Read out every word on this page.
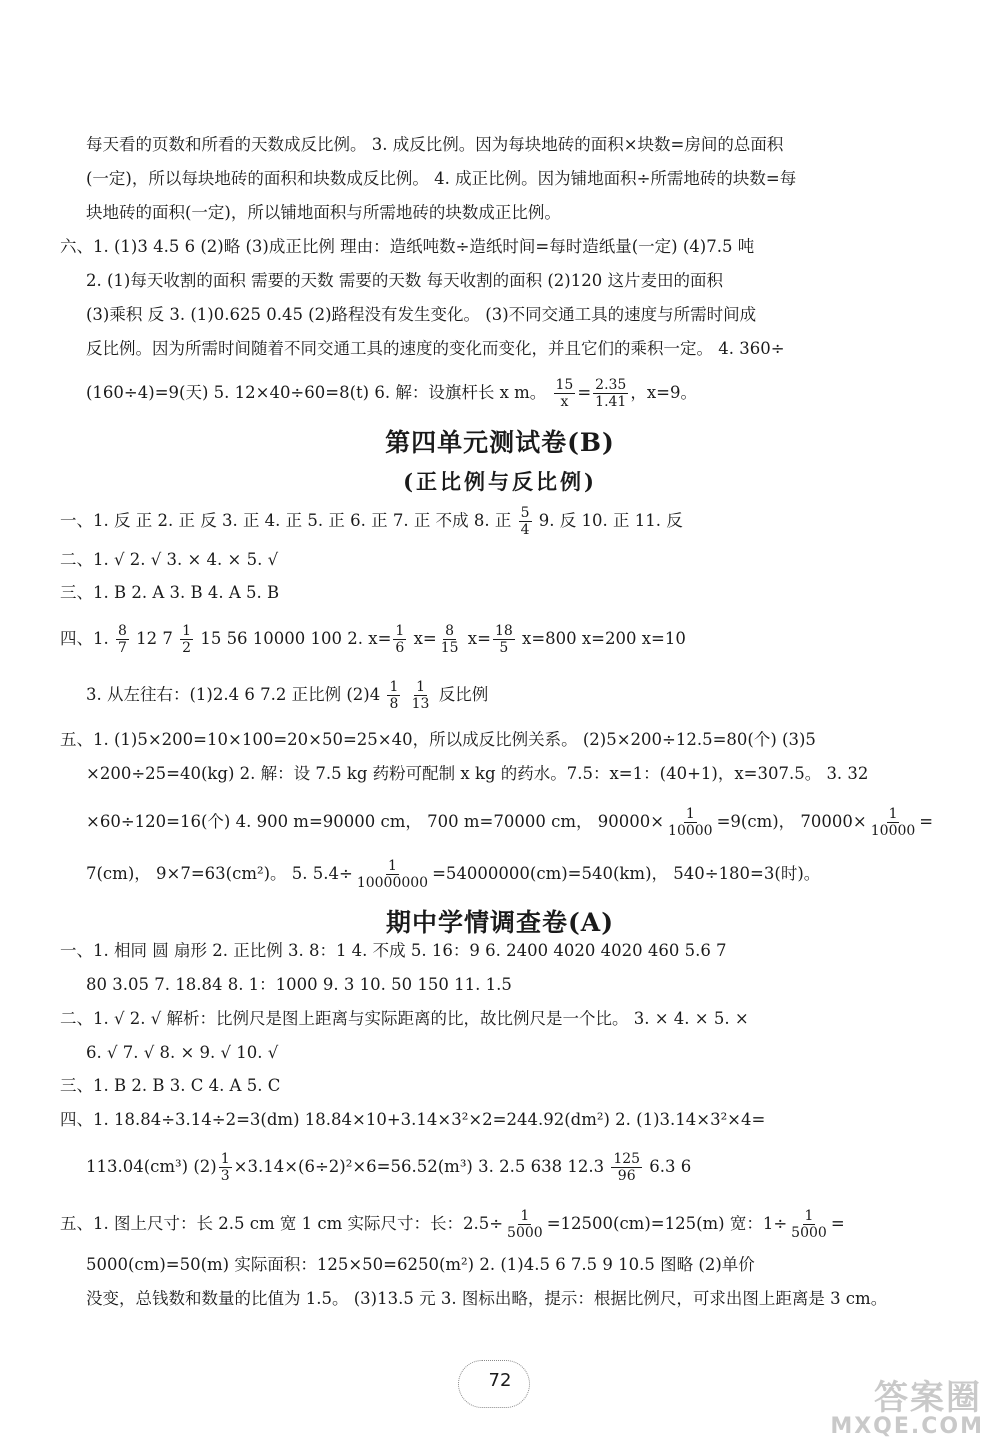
每天看的页数和所看的天数成反比例。 3. 成反比例。因为每块地砖的面积×块数=房间的总面积
(一定)，所以每块地砖的面积和块数成反比例。 4. 成正比例。因为铺地面积÷所需地砖的块数=每
块地砖的面积(一定)，所以铺地面积与所需地砖的块数成正比例。
六、1. (1)3 4.5 6 (2)略 (3)成正比例 理由：造纸吨数÷造纸时间=每时造纸量(一定) (4)7.5 吨
2. (1)每天收割的面积 需要的天数 需要的天数 每天收割的面积 (2)120 这片麦田的面积
(3)乘积 反 3. (1)0.625 0.45 (2)路程没有发生变化。 (3)不同交通工具的速度与所需时间成
反比例。因为所需时间随着不同交通工具的速度的变化而变化，并且它们的乘积一定。 4. 360÷
(160÷4)=9(天) 5. 12×40÷60=8(t) 6. 解：设旗杆长 x m。 $\frac{15}{x} = \frac{2.35}{1.41}$ ，x=9。
第四单元测试卷(B)
(正比例与反比例)
一、1. 反 正 2. 正 反 3. 正 4. 正 5. 正 6. 正 7. 正 不成 8. 正 $\frac{5}{4} 9$. 反 10. 正 11. 反
二、1. √ 2. √ 3. × 4. × 5. √
三、1. B 2. A 3. B 4. A 5. B
四、1. $\frac{8}{7} 12$ $7 \frac{1}{2} 15$ 56 10000 100 2. $x= \frac{1}{6} x= \frac{8}{15} x= \frac{18}{5} x=800$ x=200 x=10
3. 从左往右：(1)2.4 6 7.2 正比例 $(2)4 \frac{1}{8}$
$\frac{1}{13}$ 反比例
五、1. (1)5×200=10×100=20×50=25×40，所以成反比例关系。 (2)5×200÷12.5=80(个) (3)5
×200÷25=40(kg) 2. 解：设 7.5 kg 药粉可配制 x kg 的药水。7.5：x=1：(40+1)，x=307.5。 3. 32
×60÷120=16(个) 4. 900 m=90000 cm， 700 m=70000 cm， $90000\times \frac{1}{10000} =9(cm)$， $70000\times \frac{1}{10000}$ =
7(cm)， 9×7=63(cm²)。 5. $5.4\div \frac{1}{10000000} =54000000(cm)=540(km)$， 540÷180=3(时)。
期中学情调查卷(A)
一、1. 相同 圆 扇形 2. 正比例 3. 8：1 4. 不成 5. 16：9 6. 2400 4020 4020 460 5.6 7
80 3.05 7. 18.84 8. 1：1000 9. 3 10. 50 150 11. 1.5
二、1. √ 2. √ 解析：比例尺是图上距离与实际距离的比，故比例尺是一个比。 3. × 4. × 5. ×
6. √ 7. √ 8. × 9. √ 10. √
三、1. B 2. B 3. C 4. A 5. C
四、1. 18.84÷3.14÷2=3(dm) 18.84×10+3.14×3²×2=244.92(dm²) 2. (1)3.14×3²×4=
113.04(cm³) $(2) \frac{1}{3} \times 3.14\times(6\div 2)^2\times 6=56.52(m^3)$ 3. 2.5 638 $12.3 \frac{125}{96} 6.3$ 6
五、1. 图上尺寸：长 2.5 cm 宽 1 cm 实际尺寸：长：$2.5\div \frac{1}{5000} =12500(cm)=125(m)$ 宽：$1\div \frac{1}{5000}$ =
5000(cm)=50(m) 实际面积：125×50=6250(m²) 2. (1)4.5 6 7.5 9 10.5 图略 (2)单价
没变，总钱数和数量的比值为 1.5。 (3)13.5 元 3. 图标出略，提示：根据比例尺，可求出图上距离是 3 cm。
72	答案圈
MXQE.COM
